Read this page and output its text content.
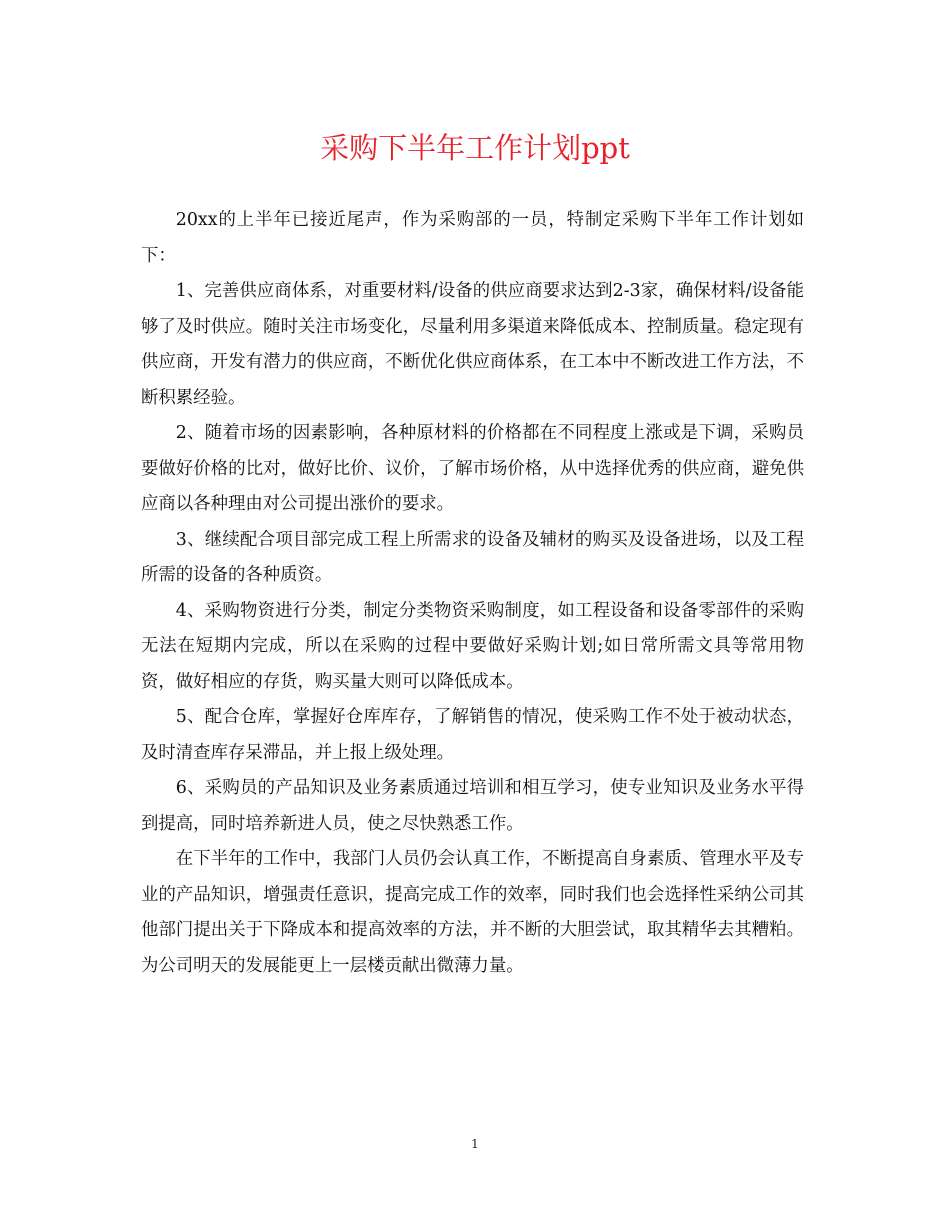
采购下半年工作计划ppt

20xx的上半年已接近尾声，作为采购部的一员，特制定采购下半年工作计划如下：

1、完善供应商体系，对重要材料/设备的供应商要求达到2-3家，确保材料/设备能够了及时供应。随时关注市场变化，尽量利用多渠道来降低成本、控制质量。稳定现有供应商，开发有潜力的供应商，不断优化供应商体系，在工本中不断改进工作方法，不断积累经验。

2、随着市场的因素影响，各种原材料的价格都在不同程度上涨或是下调，采购员要做好价格的比对，做好比价、议价，了解市场价格，从中选择优秀的供应商，避免供应商以各种理由对公司提出涨价的要求。

3、继续配合项目部完成工程上所需求的设备及辅材的购买及设备进场，以及工程所需的设备的各种质资。

4、采购物资进行分类，制定分类物资采购制度，如工程设备和设备零部件的采购无法在短期内完成，所以在采购的过程中要做好采购计划;如日常所需文具等常用物资，做好相应的存货，购买量大则可以降低成本。

5、配合仓库，掌握好仓库库存，了解销售的情况，使采购工作不处于被动状态，及时清查库存呆滞品，并上报上级处理。

6、采购员的产品知识及业务素质通过培训和相互学习，使专业知识及业务水平得到提高，同时培养新进人员，使之尽快熟悉工作。

在下半年的工作中，我部门人员仍会认真工作，不断提高自身素质、管理水平及专业的产品知识，增强责任意识，提高完成工作的效率，同时我们也会选择性采纳公司其他部门提出关于下降成本和提高效率的方法，并不断的大胆尝试，取其精华去其糟粕。为公司明天的发展能更上一层楼贡献出微薄力量。

1
